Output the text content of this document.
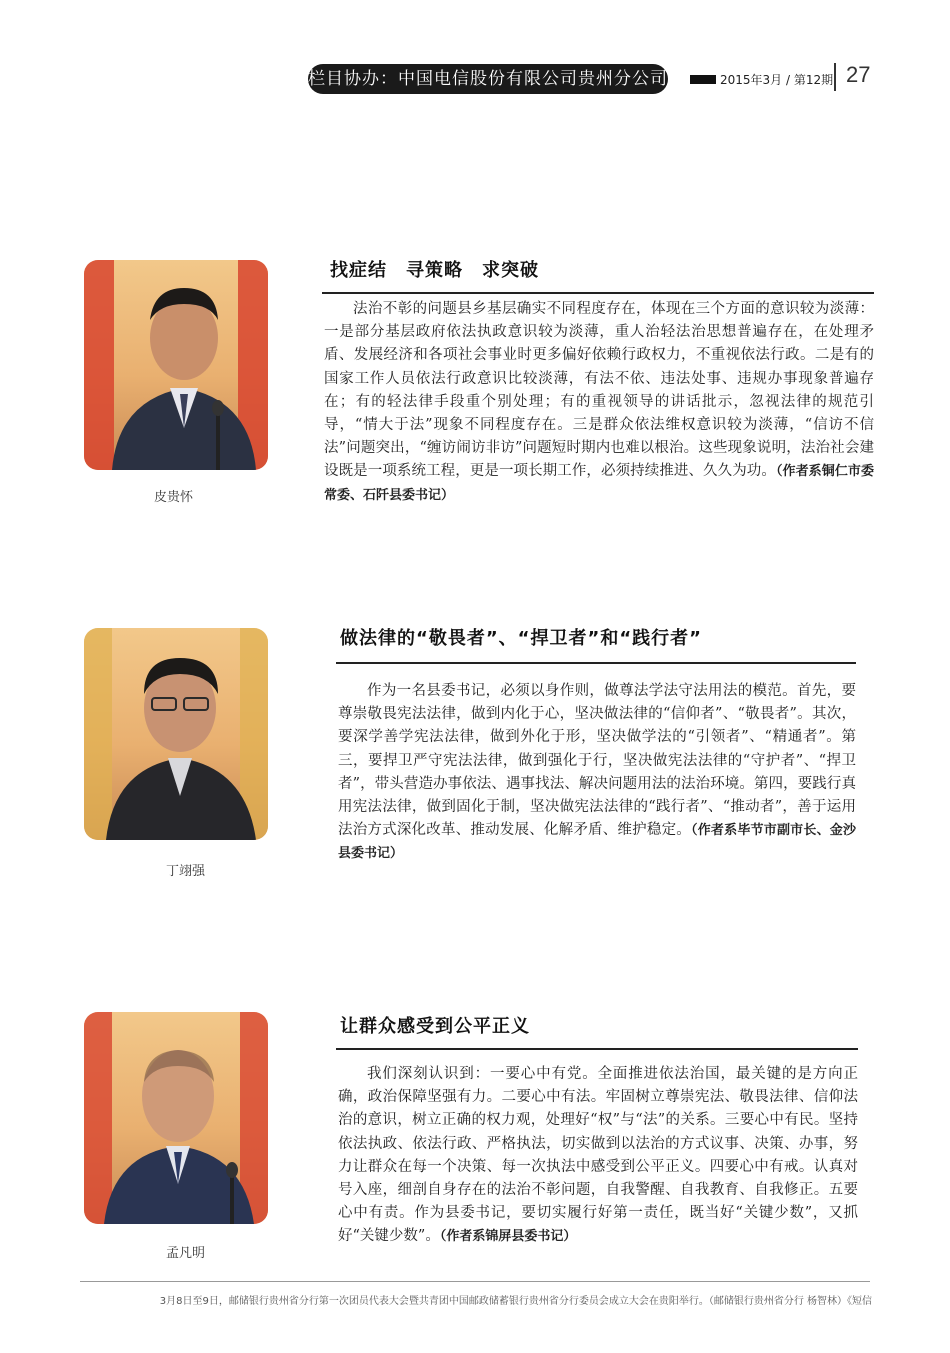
栏目协办：中国电信股份有限公司贵州分公司	2015年3月 / 第12期 27
皮贵怀
找症结　寻策略　求突破

法治不彰的问题县乡基层确实不同程度存在，体现在三个方面的意识较为淡薄：一是部分基层政府依法执政意识较为淡薄，重人治轻法治思想普遍存在，在处理矛盾、发展经济和各项社会事业时更多偏好依赖行政权力，不重视依法行政。二是有的国家工作人员依法行政意识比较淡薄，有法不依、违法处事、违规办事现象普遍存在；有的轻法律手段重个别处理；有的重视领导的讲话批示，忽视法律的规范引导，“情大于法”现象不同程度存在。三是群众依法维权意识较为淡薄，“信访不信法”问题突出，“缠访闹访非访”问题短时期内也难以根治。这些现象说明，法治社会建设既是一项系统工程，更是一项长期工作，必须持续推进、久久为功。（作者系铜仁市委常委、石阡县委书记）

丁翊强
做法律的“敬畏者”、“捍卫者”和“践行者”

作为一名县委书记，必须以身作则，做尊法学法守法用法的模范。首先，要尊崇敬畏宪法法律，做到内化于心，坚决做法律的“信仰者”、“敬畏者”。其次，要深学善学宪法法律，做到外化于形，坚决做学法的“引领者”、“精通者”。第三，要捍卫严守宪法法律，做到强化于行，坚决做宪法法律的“守护者”、“捍卫者”，带头营造办事依法、遇事找法、解决问题用法的法治环境。第四，要践行真用宪法法律，做到固化于制，坚决做宪法法律的“践行者”、“推动者”，善于运用法治方式深化改革、推动发展、化解矛盾、维护稳定。（作者系毕节市副市长、金沙县委书记）

孟凡明
让群众感受到公平正义

我们深刻认识到：一要心中有党。全面推进依法治国，最关键的是方向正确，政治保障坚强有力。二要心中有法。牢固树立尊崇宪法、敬畏法律、信仰法治的意识，树立正确的权力观，处理好“权”与“法”的关系。三要心中有民。坚持依法执政、依法行政、严格执法，切实做到以法治的方式议事、决策、办事，努力让群众在每一个决策、每一次执法中感受到公平正义。四要心中有戒。认真对号入座，细剖自身存在的法治不彰问题，自我警醒、自我教育、自我修正。五要心中有责。作为县委书记，要切实履行好第一责任，既当好“关键少数”，又抓好“关键少数”。（作者系锦屏县委书记）

3月8日至9日，邮储银行贵州省分行第一次团员代表大会暨共青团中国邮政储蓄银行贵州省分行委员会成立大会在贵阳举行。（邮储银行贵州省分行 杨智林）《短信
